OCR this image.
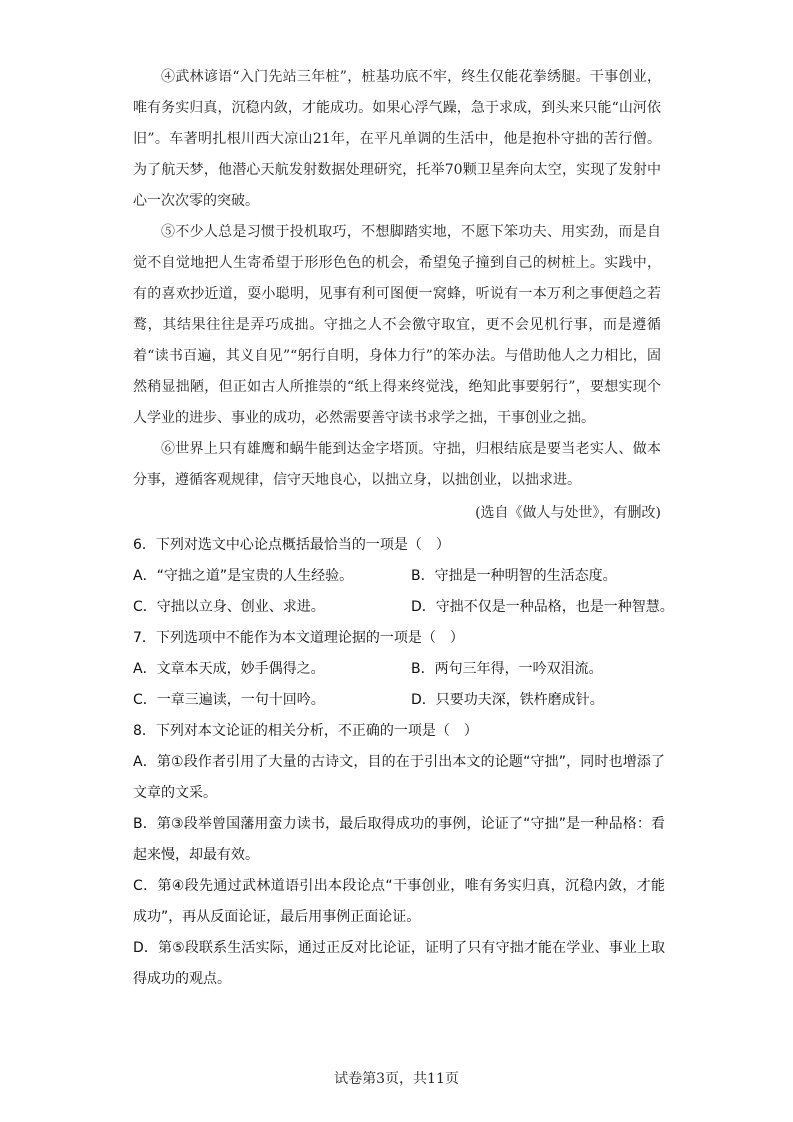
④武林谚语“入门先站三年桩”，桩基功底不牢，终生仅能花拳绣腿。干事创业，唯有务实归真，沉稳内敛，才能成功。如果心浮气躁，急于求成，到头来只能“山河依旧”。车著明扎根川西大凉山21年，在平凡单调的生活中，他是抱朴守拙的苦行僧。为了航天梦，他潜心天航发射数据处理研究，托举70颗卫星奔向太空，实现了发射中心一次次零的突破。

⑤不少人总是习惯于投机取巧，不想脚踏实地，不愿下笨功夫、用实劲，而是自觉不自觉地把人生寄希望于形形色色的机会，希望兔子撞到自己的树桩上。实践中，有的喜欢抄近道，耍小聪明，见事有利可图便一窝蜂，听说有一本万利之事便趋之若鹜，其结果往往是弄巧成拙。守拙之人不会徼守取宜，更不会见机行事，而是遵循着“读书百遍，其义自见”“躬行自明，身体力行”的笨办法。与借助他人之力相比，固然稍显拙陋，但正如古人所推崇的“纸上得来终觉浅，绝知此事要躬行”，要想实现个人学业的进步、事业的成功，必然需要善守读书求学之拙，干事创业之拙。

⑥世界上只有雄鹰和蜗牛能到达金字塔顶。守拙，归根结底是要当老实人、做本分事，遵循客观规律，信守天地良心，以拙立身，以拙创业，以拙求进。

(选自《做人与处世》，有删改)

6．下列对选文中心论点概括最恰当的一项是（　）

A．“守拙之道”是宝贵的人生经验。	B．守拙是一种明智的生活态度。
C．守拙以立身、创业、求进。	D．守拙不仅是一种品格，也是一种智慧。

7．下列选项中不能作为本文道理论据的一项是（　）

A．文章本天成，妙手偶得之。	B．两句三年得，一吟双泪流。
C．一章三遍读，一句十回吟。	D．只要功夫深，铁杵磨成针。

8．下列对本文论证的相关分析，不正确的一项是（　）

A．第①段作者引用了大量的古诗文，目的在于引出本文的论题“守拙”，同时也增添了文章的文采。

B．第③段举曾国藩用蛮力读书，最后取得成功的事例，论证了“守拙”是一种品格：看起来慢，却最有效。

C．第④段先通过武林道语引出本段论点“干事创业，唯有务实归真，沉稳内敛，才能成功”，再从反面论证，最后用事例正面论证。

D．第⑤段联系生活实际，通过正反对比论证，证明了只有守拙才能在学业、事业上取得成功的观点。

试卷第3页，共11页
